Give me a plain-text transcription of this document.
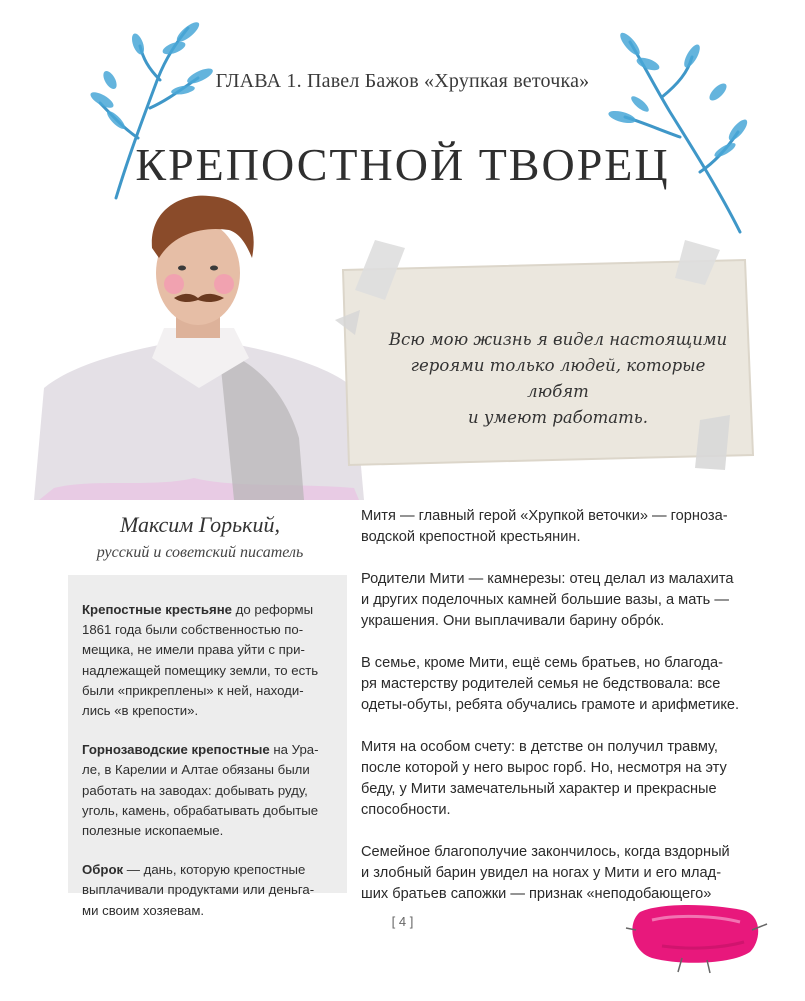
ГЛАВА 1. Павел Бажов «Хрупкая веточка»
КРЕПОСТНОЙ ТВОРЕЦ
Всю мою жизнь я видел настоящими
героями только людей, которые любят
и умеют работать.
Максим Горький,
русский и советский писатель

Крепостные крестьяне до реформы
1861 года были собственностью по-
мещика, не имели права уйти с при-
надлежащей помещику земли, то есть
были «прикреплены» к ней, находи-
лись «в крепости».

Горнозаводские крепостные на Ура-
ле, в Карелии и Алтае обязаны были
работать на заводах: добывать руду,
уголь, камень, обрабатывать добытые
полезные ископаемые.

Оброк — дань, которую крепостные
выплачивали продуктами или деньга-
ми своим хозяевам.

Митя — главный герой «Хрупкой веточки» — горноза-
водской крепостной крестьянин.

Родители Мити — камнерезы: отец делал из малахита
и других поделочных камней большие вазы, а мать —
украшения. Они выплачивали барину обро́к.

В семье, кроме Мити, ещё семь братьев, но благода-
ря мастерству родителей семья не бедствовала: все
одеты-обуты, ребята обучались грамоте и арифметике.

Митя на особом счету: в детстве он получил травму,
после которой у него вырос горб. Но, несмотря на эту
беду, у Мити замечательный характер и прекрасные
способности.

Семейное благополучие закончилось, когда вздорный
и злобный барин увидел на ногах у Мити и его млад-
ших братьев сапожки — признак «неподобающего»

[ 4 ]
